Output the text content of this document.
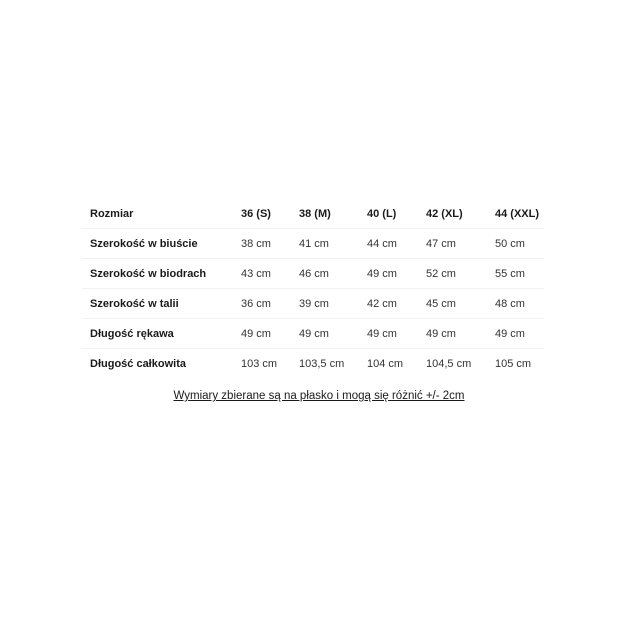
Rozmiar	36 (S)	38 (M)	40 (L)	42 (XL)	44 (XXL)
Szerokość w biuście	38 cm	41 cm	44 cm	47 cm	50 cm
Szerokość w biodrach	43 cm	46 cm	49 cm	52 cm	55 cm
Szerokość w talii	36 cm	39 cm	42 cm	45 cm	48 cm
Długość rękawa	49 cm	49 cm	49 cm	49 cm	49 cm
Długość całkowita	103 cm	103,5 cm	104 cm	104,5 cm	105 cm
Wymiary zbierane są na płasko i mogą się różnić +/- 2cm
